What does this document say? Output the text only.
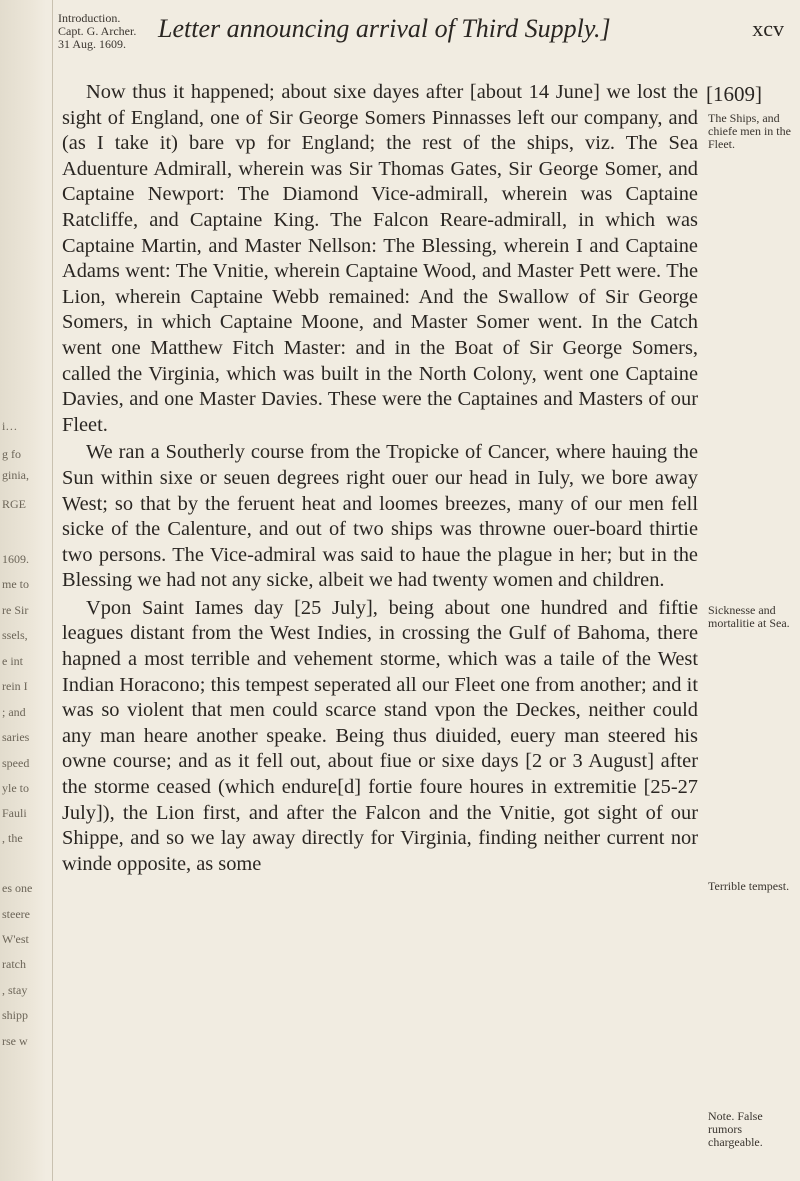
i…
g fo
ginia,
RGE
1609.
me to
re Sir
ssels,
e int
rein I
; and
saries
speed
yle to
Fauli
, the
es one
steere
W'est
ratch
, stay
shipp
rse w
Introduction.
Capt. G. Archer.
31 Aug. 1609.
Letter announcing arrival of Third Supply.]	xcv
[1609]

Now thus it happened; about sixe dayes after [about 14 June] we lost the sight of England, one of Sir George Somers Pinnasses left our company, and (as I take it) bare vp for England; the rest of the ships, viz. The Sea Aduenture Admirall, wherein was Sir Thomas Gates, Sir George Somer, and Captaine Newport: The Diamond Vice-admirall, wherein was Captaine Ratcliffe, and Captaine King. The Falcon Reare-admirall, in which was Captaine Martin, and Master Nellson: The Blessing, wherein I and Captaine Adams went: The Vnitie, wherein Captaine Wood, and Master Pett were. The Lion, wherein Captaine Webb remained: And the Swallow of Sir George Somers, in which Captaine Moone, and Master Somer went. In the Catch went one Matthew Fitch Master: and in the Boat of Sir George Somers, called the Virginia, which was built in the North Colony, went one Captaine Davies, and one Master Davies. These were the Captaines and Masters of our Fleet.

We ran a Southerly course from the Tropicke of Cancer, where hauing the Sun within sixe or seuen degrees right ouer our head in Iuly, we bore away West; so that by the feruent heat and loomes breezes, many of our men fell sicke of the Calenture, and out of two ships was throwne ouer-board thirtie two persons. The Vice-admiral was said to haue the plague in her; but in the Blessing we had not any sicke, albeit we had twenty women and children.

Vpon Saint Iames day [25 July], being about one hundred and fiftie leagues distant from the West Indies, in crossing the Gulf of Bahoma, there hapned a most terrible and vehement storme, which was a taile of the West Indian Horacono; this tempest seperated all our Fleet one from another; and it was so violent that men could scarce stand vpon the Deckes, neither could any man heare another speake. Being thus diuided, euery man steered his owne course; and as it fell out, about fiue or sixe days [2 or 3 August] after the storme ceased (which endure[d] fortie foure houres in extremitie [25-27 July]), the Lion first, and after the Falcon and the Vnitie, got sight of our Shippe, and so we lay away directly for Virginia, finding neither current nor winde opposite, as some

The Ships, and chiefe men in the Fleet.
Sicknesse and mortalitie at Sea.
Terrible tempest.
Note. False rumors chargeable.
